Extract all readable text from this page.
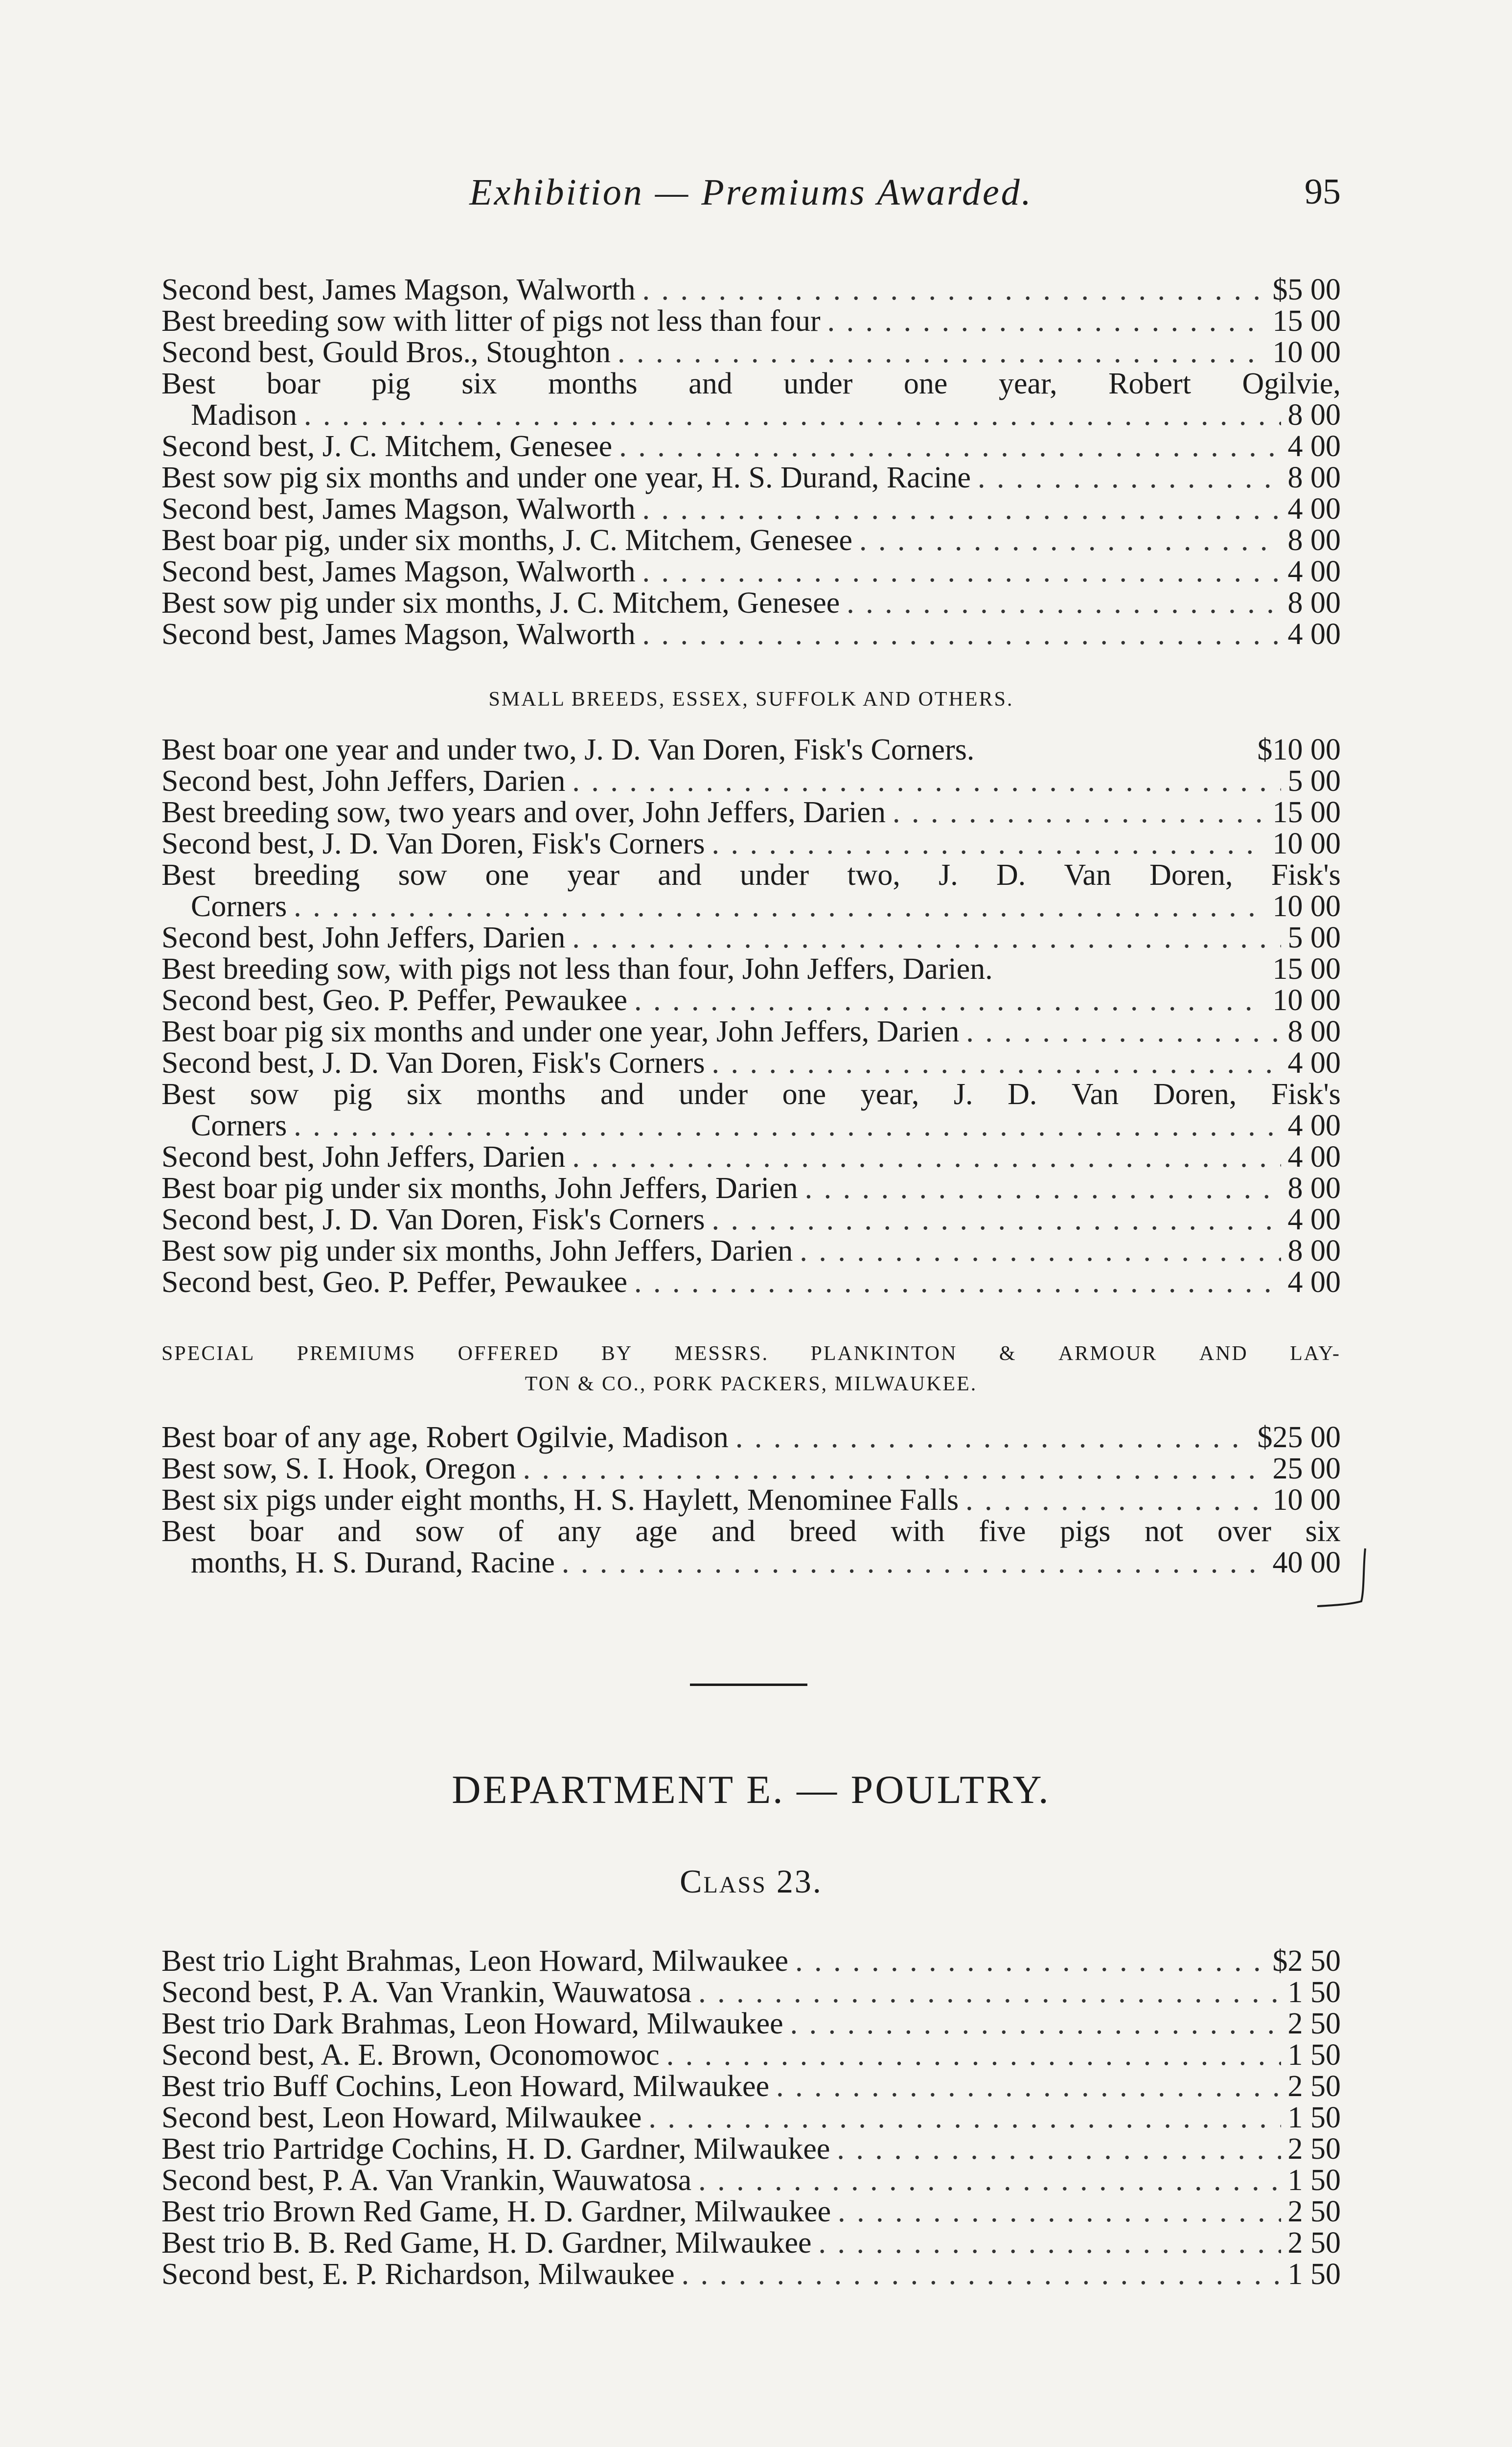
Exhibition — Premiums Awarded.	95
Second best, James Magson, Walworth . . .	$5 00
Best breeding sow with litter of pigs not less than four . . .	15 00
Second best, Gould Bros., Stoughton . . .	10 00
Best boar pig six months and under one year, Robert Ogilvie,
Madison . . .	8 00
Second best, J. C. Mitchem, Genesee . . .	4 00
Best sow pig six months and under one year, H. S. Durand, Racine . . .	8 00
Second best, James Magson, Walworth . . .	4 00
Best boar pig, under six months, J. C. Mitchem, Genesee . . .	8 00
Second best, James Magson, Walworth . . .	4 00
Best sow pig under six months, J. C. Mitchem, Genesee . . .	8 00
Second best, James Magson, Walworth . . .	4 00
SMALL BREEDS, ESSEX, SUFFOLK AND OTHERS.
Best boar one year and under two, J. D. Van Doren, Fisk's Corners.	$10 00
Second best, John Jeffers, Darien . . .	5 00
Best breeding sow, two years and over, John Jeffers, Darien . . .	15 00
Second best, J. D. Van Doren, Fisk's Corners . . .	10 00
Best breeding sow one year and under two, J. D. Van Doren, Fisk's
Corners . . .	10 00
Second best, John Jeffers, Darien . . .	5 00
Best breeding sow, with pigs not less than four, John Jeffers, Darien.	15 00
Second best, Geo. P. Peffer, Pewaukee . . .	10 00
Best boar pig six months and under one year, John Jeffers, Darien . . .	8 00
Second best, J. D. Van Doren, Fisk's Corners . . .	4 00
Best sow pig six months and under one year, J. D. Van Doren, Fisk's
Corners . . .	4 00
Second best, John Jeffers, Darien . . .	4 00
Best boar pig under six months, John Jeffers, Darien . . .	8 00
Second best, J. D. Van Doren, Fisk's Corners . . .	4 00
Best sow pig under six months, John Jeffers, Darien . . .	8 00
Second best, Geo. P. Peffer, Pewaukee . . .	4 00
SPECIAL PREMIUMS OFFERED BY MESSRS. PLANKINTON & ARMOUR AND LAY-
TON & CO., PORK PACKERS, MILWAUKEE.
Best boar of any age, Robert Ogilvie, Madison . . .	$25 00
Best sow, S. I. Hook, Oregon . . .	25 00
Best six pigs under eight months, H. S. Haylett, Menominee Falls . . .	10 00
Best boar and sow of any age and breed with five pigs not over six
months, H. S. Durand, Racine . . .	40 00
DEPARTMENT E. — POULTRY.
Class 23.
Best trio Light Brahmas, Leon Howard, Milwaukee . . .	$2 50
Second best, P. A. Van Vrankin, Wauwatosa . . .	1 50
Best trio Dark Brahmas, Leon Howard, Milwaukee . . .	2 50
Second best, A. E. Brown, Oconomowoc . . .	1 50
Best trio Buff Cochins, Leon Howard, Milwaukee . . .	2 50
Second best, Leon Howard, Milwaukee . . .	1 50
Best trio Partridge Cochins, H. D. Gardner, Milwaukee . . .	2 50
Second best, P. A. Van Vrankin, Wauwatosa . . .	1 50
Best trio Brown Red Game, H. D. Gardner, Milwaukee . . .	2 50
Best trio B. B. Red Game, H. D. Gardner, Milwaukee . . .	2 50
Second best, E. P. Richardson, Milwaukee . . .	1 50
